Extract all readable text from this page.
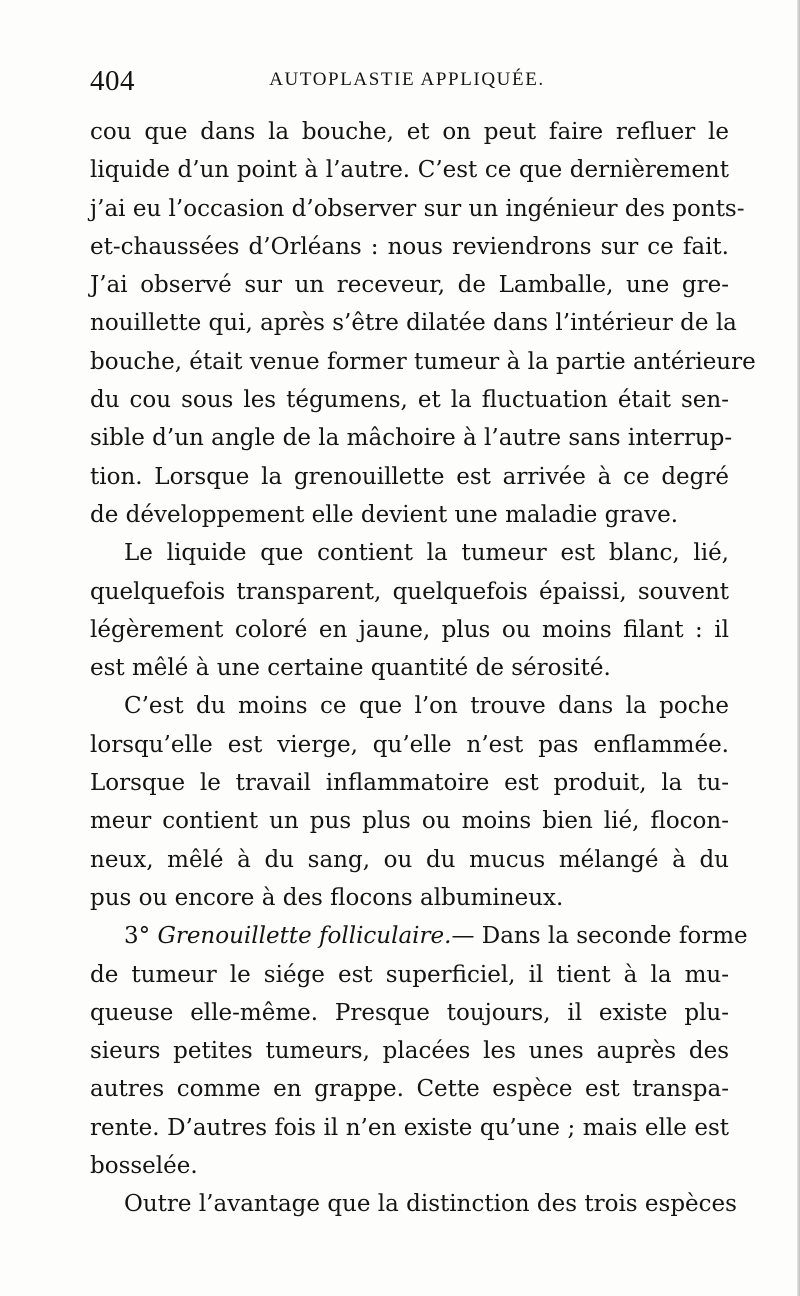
404	AUTOPLASTIE APPLIQUÉE.
cou que dans la bouche, et on peut faire refluer le
liquide d’un point à l’autre. C’est ce que dernièrement
j’ai eu l’occasion d’observer sur un ingénieur des ponts-
et-chaussées d’Orléans : nous reviendrons sur ce fait.
J’ai observé sur un receveur, de Lamballe, une gre-
nouillette qui, après s’être dilatée dans l’intérieur de la
bouche, était venue former tumeur à la partie antérieure
du cou sous les tégumens, et la fluctuation était sen-
sible d’un angle de la mâchoire à l’autre sans interrup-
tion. Lorsque la grenouillette est arrivée à ce degré
de développement elle devient une maladie grave.
Le liquide que contient la tumeur est blanc, lié,
quelquefois transparent, quelquefois épaissi, souvent
légèrement coloré en jaune, plus ou moins filant : il
est mêlé à une certaine quantité de sérosité.
C’est du moins ce que l’on trouve dans la poche
lorsqu’elle est vierge, qu’elle n’est pas enflammée.
Lorsque le travail inflammatoire est produit, la tu-
meur contient un pus plus ou moins bien lié, flocon-
neux, mêlé à du sang, ou du mucus mélangé à du
pus ou encore à des flocons albumineux.
3° Grenouillette folliculaire.— Dans la seconde forme
de tumeur le siége est superficiel, il tient à la mu-
queuse elle-même. Presque toujours, il existe plu-
sieurs petites tumeurs, placées les unes auprès des
autres comme en grappe. Cette espèce est transpa-
rente. D’autres fois il n’en existe qu’une ; mais elle est
bosselée.
Outre l’avantage que la distinction des trois espèces
